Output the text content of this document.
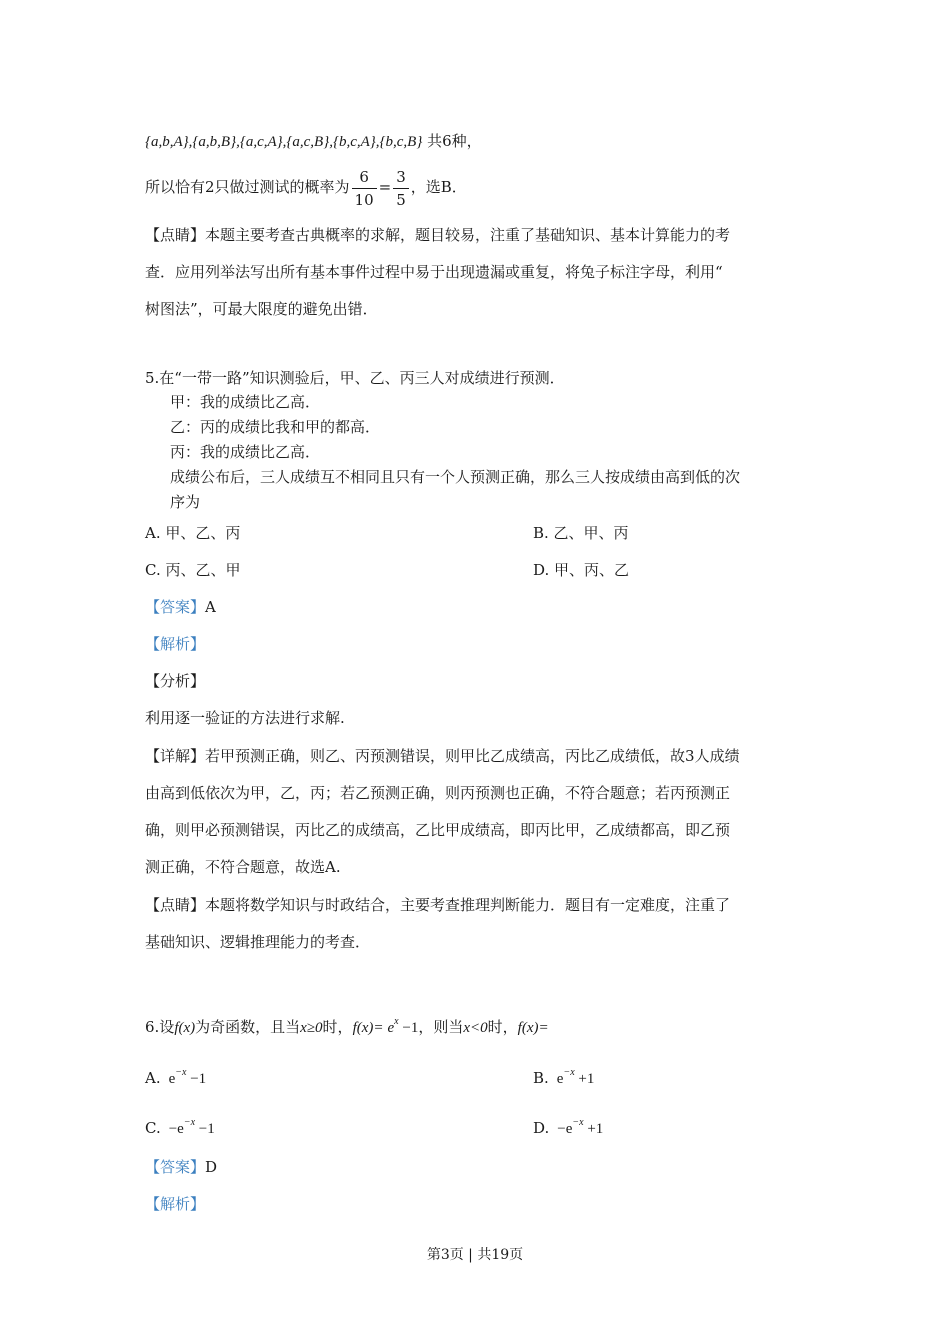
{a,b,A},{a,b,B},{a,c,A},{a,c,B},{b,c,A},{b,c,B} 共6种，
所以恰有2只做过测试的概率为 $\frac{6}{10} = \frac{3}{5}$ ，选B．
【点睛】本题主要考查古典概率的求解，题目较易，注重了基础知识、基本计算能力的考
查．应用列举法写出所有基本事件过程中易于出现遗漏或重复，将兔子标注字母，利用“
树图法”，可最大限度的避免出错．
5.在“一带一路”知识测验后，甲、乙、丙三人对成绩进行预测．
甲：我的成绩比乙高．
乙：丙的成绩比我和甲的都高．
丙：我的成绩比乙高．
成绩公布后，三人成绩互不相同且只有一个人预测正确，那么三人按成绩由高到低的次
序为
A. 甲、乙、丙	B. 乙、甲、丙
C. 丙、乙、甲	D. 甲、丙、乙
【答案】A
【解析】
【分析】
利用逐一验证的方法进行求解.
【详解】若甲预测正确，则乙、丙预测错误，则甲比乙成绩高，丙比乙成绩低，故3人成绩
由高到低依次为甲，乙，丙；若乙预测正确，则丙预测也正确，不符合题意；若丙预测正
确，则甲必预测错误，丙比乙的成绩高，乙比甲成绩高，即丙比甲，乙成绩都高，即乙预
测正确，不符合题意，故选A.
【点睛】本题将数学知识与时政结合，主要考查推理判断能力．题目有一定难度，注重了
基础知识、逻辑推理能力的考查．
6.设f(x)为奇函数，且当x≥0时，$f(x)= e^x -1$，则当x<0时，f(x)=
A. $e^{-x} -1$	B. $e^{-x} +1$
C. $-e^{-x} -1$	D. $-e^{-x} +1$
【答案】D
【解析】
第3页 | 共19页
